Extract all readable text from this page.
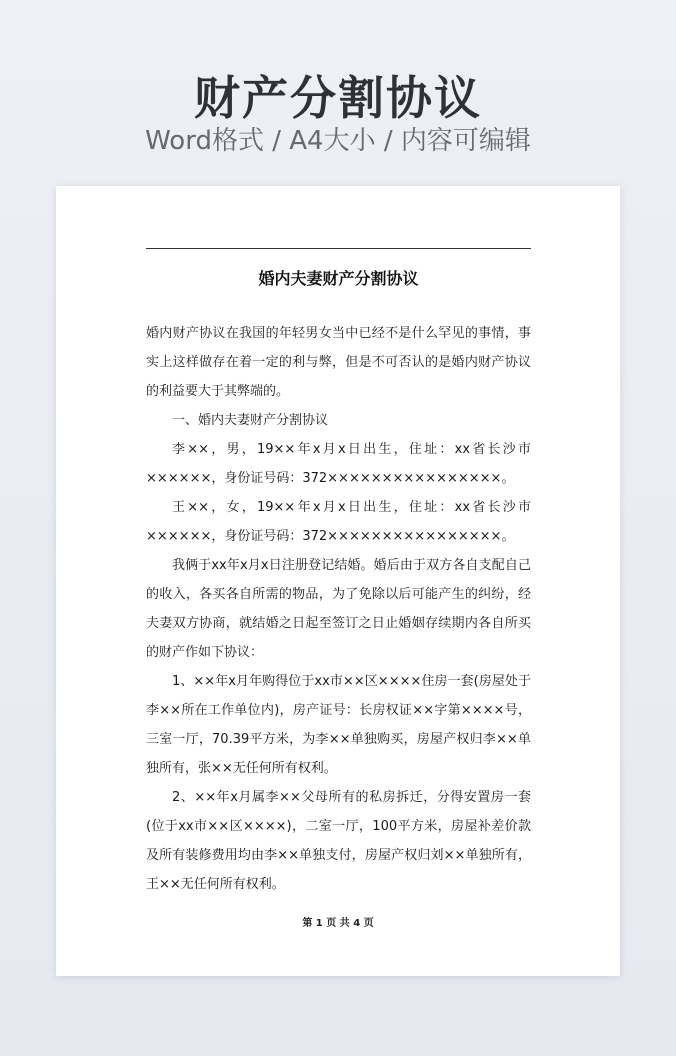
财产分割协议
Word格式 / A4大小 / 内容可编辑
婚内夫妻财产分割协议

婚内财产协议在我国的年轻男女当中已经不是什么罕见的事情，事实上这样做存在着一定的利与弊，但是不可否认的是婚内财产协议的利益要大于其弊端的。

一、婚内夫妻财产分割协议

李××，男，19××年x月x日出生，住址：xx省长沙市××××××，身份证号码：372××××××××××××××××。

王××，女，19××年x月x日出生，住址：xx省长沙市××××××，身份证号码：372××××××××××××××××。

我俩于xx年x月x日注册登记结婚。婚后由于双方各自支配自己的收入，各买各自所需的物品，为了免除以后可能产生的纠纷，经夫妻双方协商，就结婚之日起至签订之日止婚姻存续期内各自所买的财产作如下协议：

1、××年x月年购得位于xx市××区××××住房一套(房屋处于李××所在工作单位内)，房产证号：长房权证××字第××××号，三室一厅，70.39平方米，为李××单独购买，房屋产权归李××单独所有，张××无任何所有权利。

2、××年x月属李××父母所有的私房拆迁，分得安置房一套(位于xx市××区××××)，二室一厅，100平方米，房屋补差价款及所有装修费用均由李××单独支付，房屋产权归刘××单独所有，王××无任何所有权利。

第 1 页 共 4 页
